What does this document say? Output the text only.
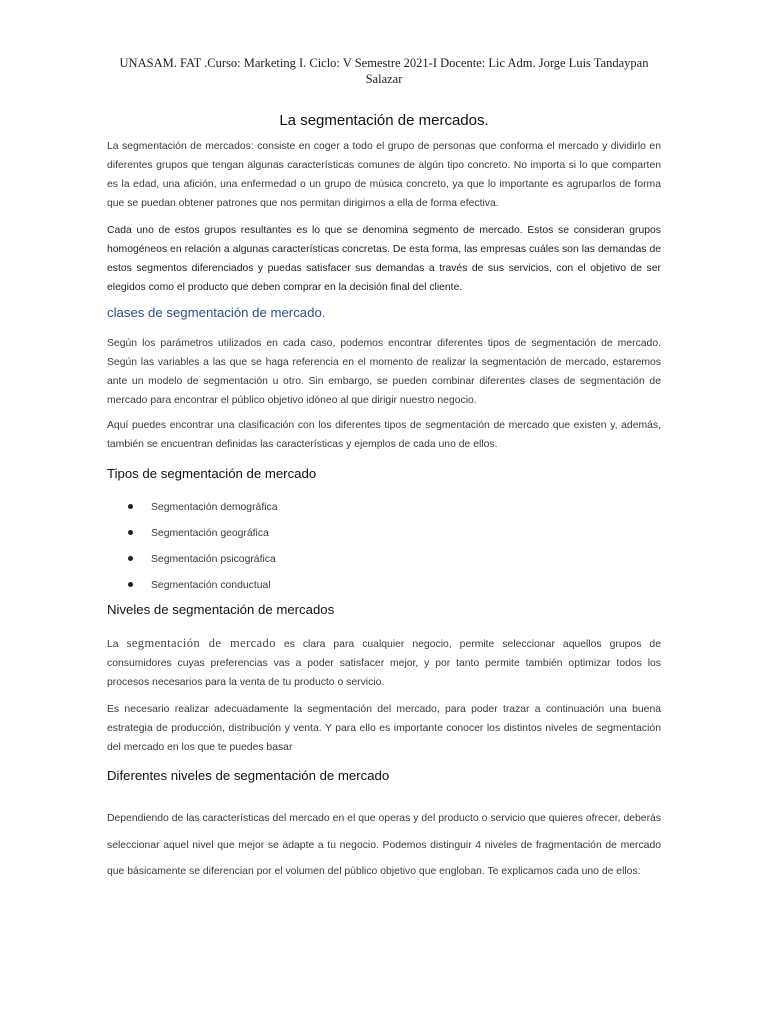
UNASAM. FAT .Curso: Marketing I. Ciclo: V Semestre 2021-I Docente: Lic Adm. Jorge Luis Tandaypan
Salazar
La segmentación de mercados.

La segmentación de mercados: consiste en coger a todo el grupo de personas que conforma el mercado y dividirlo en diferentes grupos que tengan algunas características comunes de algún tipo concreto. No importa si lo que comparten es la edad, una afición, una enfermedad o un grupo de música concreto, ya que lo importante es agruparlos de forma que se puedan obtener patrones que nos permitan dirigirnos a ella de forma efectiva.

Cada uno de estos grupos resultantes es lo que se denomina segmento de mercado. Estos se consideran grupos homogéneos en relación a algunas características concretas. De esta forma, las empresas cuáles son las demandas de estos segmentos diferenciados y puedas satisfacer sus demandas a través de sus servicios, con el objetivo de ser elegidos como el producto que deben comprar en la decisión final del cliente.

clases de segmentación de mercado.

Según los parámetros utilizados en cada caso, podemos encontrar diferentes tipos de segmentación de mercado. Según las variables a las que se haga referencia en el momento de realizar la segmentación de mercado, estaremos ante un modelo de segmentación u otro. Sin embargo, se pueden combinar diferentes clases de segmentación de mercado para encontrar el público objetivo idóneo al que dirigir nuestro negocio.

Aquí puedes encontrar una clasificación con los diferentes tipos de segmentación de mercado que existen y, además, también se encuentran definidas las características y ejemplos de cada uno de ellos.

Tipos de segmentación de mercado
Segmentación demográfica
Segmentación geográfica
Segmentación psicográfica
Segmentación conductual
Niveles de segmentación de mercados

La segmentación de mercado es clara para cualquier negocio, permite seleccionar aquellos grupos de consumidores cuyas preferencias vas a poder satisfacer mejor, y por tanto permite también optimizar todos los procesos necesarios para la venta de tu producto o servicio.

Es necesario realizar adecuadamente la segmentación del mercado, para poder trazar a continuación una buena estrategia de producción, distribución y venta. Y para ello es importante conocer los distintos niveles de segmentación del mercado en los que te puedes basar

Diferentes niveles de segmentación de mercado

Dependiendo de las características del mercado en el que operas y del producto o servicio que quieres ofrecer, deberás seleccionar aquel nivel que mejor se adapte a tu negocio. Podemos distinguir 4 niveles de fragmentación de mercado que básicamente se diferencian por el volumen del público objetivo que engloban. Te explicamos cada uno de ellos:
